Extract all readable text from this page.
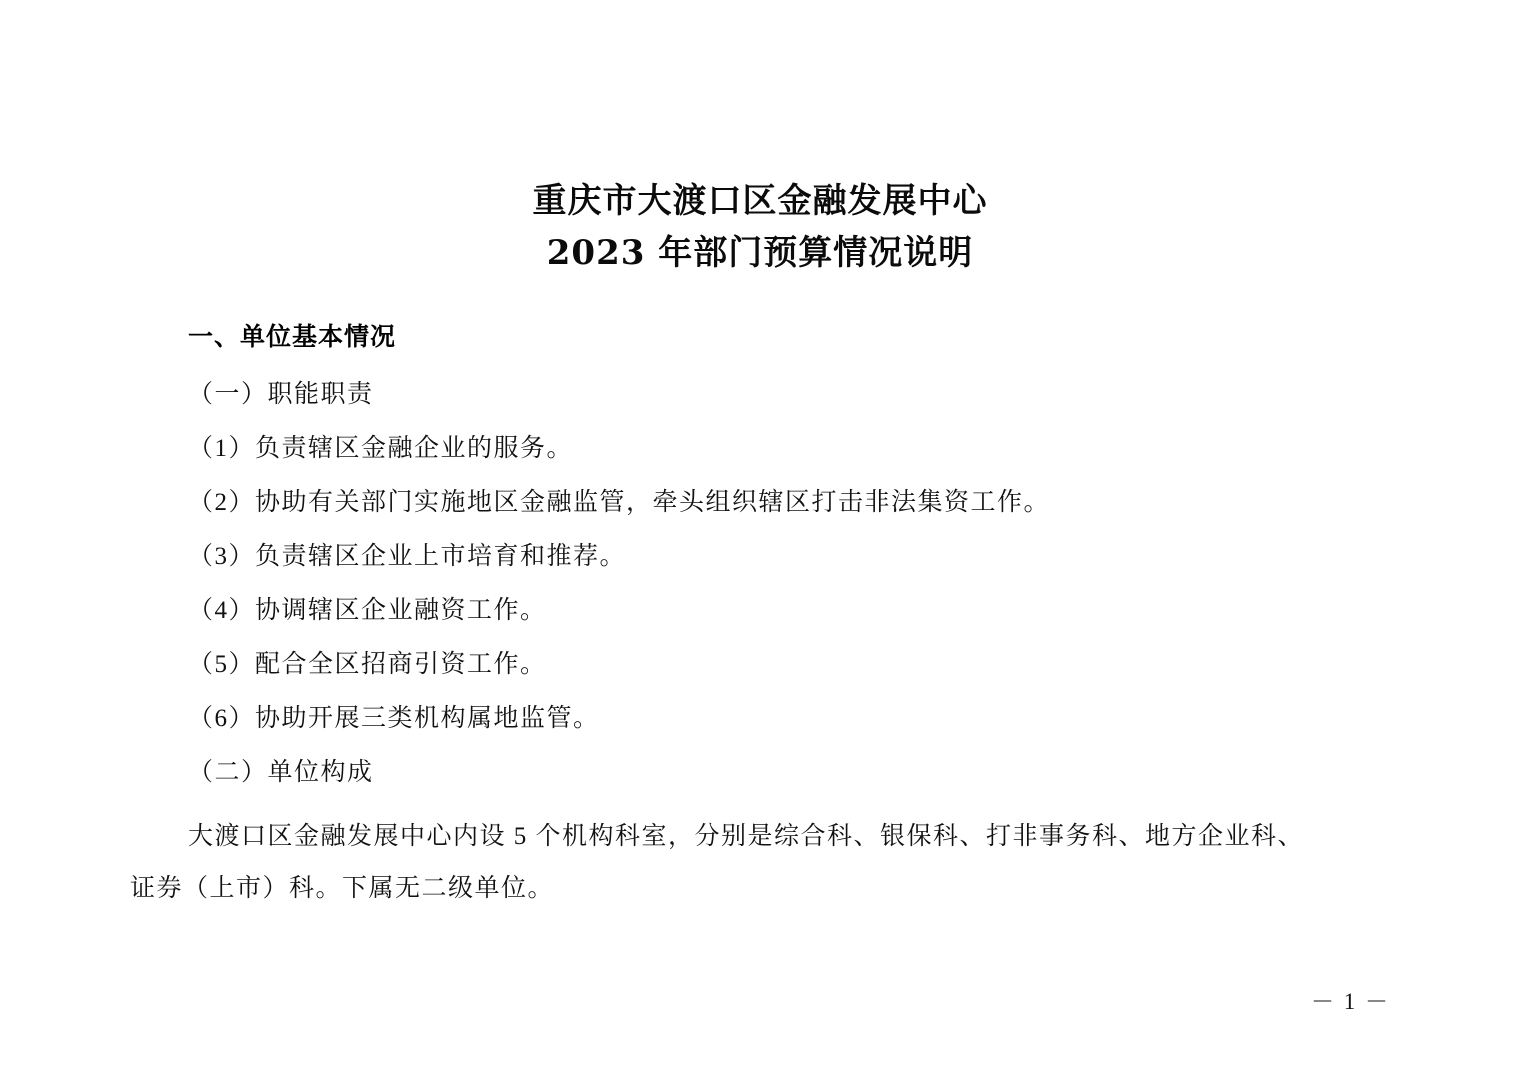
重庆市大渡口区金融发展中心
2023 年部门预算情况说明
一、单位基本情况
（一）职能职责
（1）负责辖区金融企业的服务。
（2）协助有关部门实施地区金融监管，牵头组织辖区打击非法集资工作。
（3）负责辖区企业上市培育和推荐。
（4）协调辖区企业融资工作。
（5）配合全区招商引资工作。
（6）协助开展三类机构属地监管。
（二）单位构成
大渡口区金融发展中心内设 5 个机构科室，分别是综合科、银保科、打非事务科、地方企业科、
证券（上市）科。下属无二级单位。
－ 1 －
